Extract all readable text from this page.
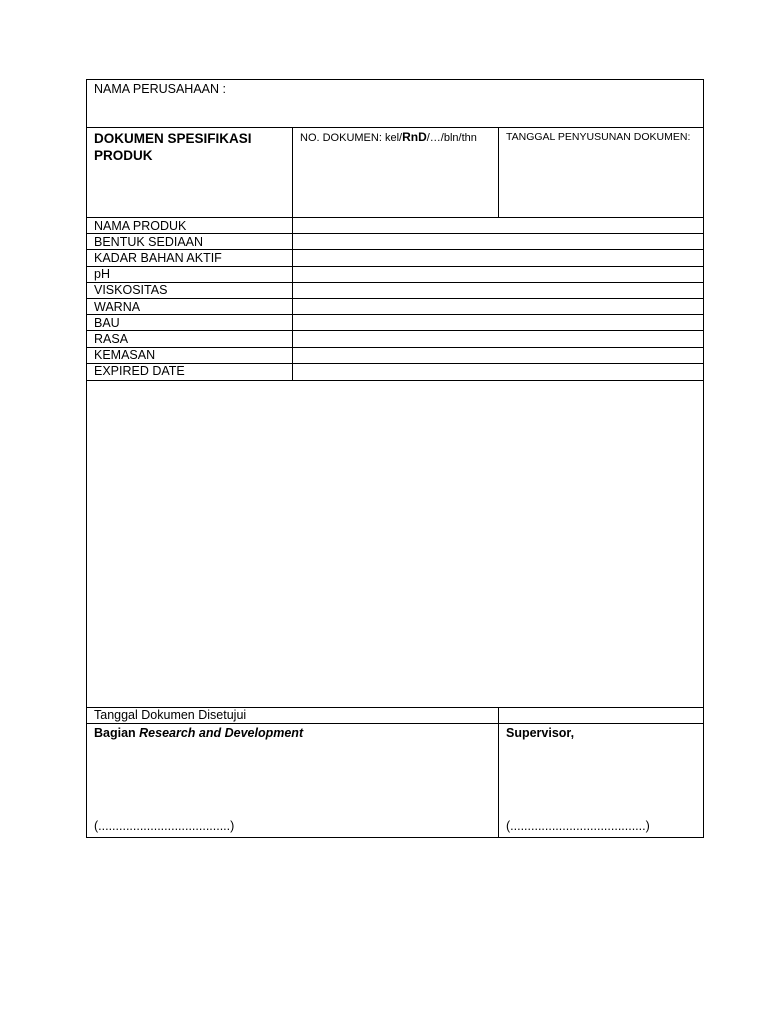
NAMA PERUSAHAAN :
DOKUMEN SPESIFIKASI PRODUK
NO. DOKUMEN: kel/RnD/…/bln/thn	TANGGAL PENYUSUNAN DOKUMEN:
NAMA PRODUK
BENTUK SEDIAAN
KADAR BAHAN AKTIF
pH
VISKOSITAS
WARNA
BAU
RASA
KEMASAN
EXPIRED DATE
Tanggal Dokumen Disetujui
Bagian Research and Development	Supervisor,
(......................................)	(.......................................)
